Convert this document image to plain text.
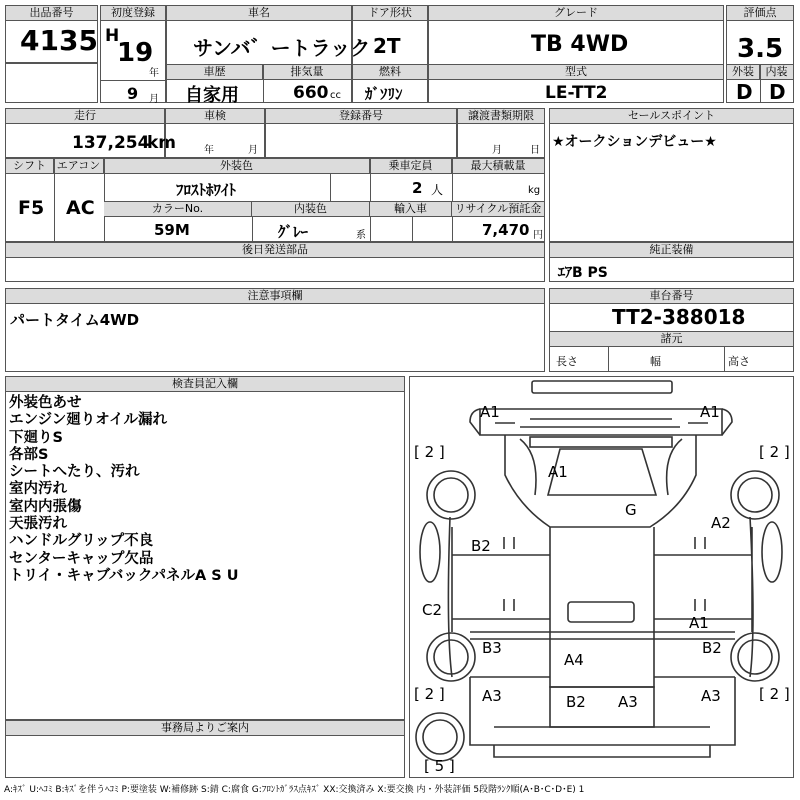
出品番号
4135
初度登録
H
19
年
9 月
車名
サンバ゛ートラック
車歴	排気量
自家用	660 cc
ドア形状
2T
燃料
ｶﾞｿﾘﾝ
グレード
TB 4WD
型式
LE-TT2
評価点
3.5
外装	内装
D D
走行
137,254
km
車検
年	月
登録番号	譲渡書類期限
月	日
セールスポイント
★オークションデビュー★
シフト エアコン	外装色	乗車定員	最大積載量
F5 AC
ﾌﾛｽﾄﾎﾜｲﾄ	2 人	kg
カラーNo.	内装色	輸入車	リサイクル預託金
59M	ｸﾞﾚｰ	系	7,470 円
後日発送部品	純正装備
ｴｱB PS
注意事項欄
パートタイム4WD
車台番号
TT2-388018
諸元
長さ	幅	高さ
検査員記入欄
外装色あせ
エンジン廻りオイル漏れ
下廻りS
各部S
シートへたり、汚れ
室内汚れ
室内内張傷
天張汚れ
ハンドルグリップ不良
センターキャップ欠品
トリイ・キャブバックパネルA S U
事務局よりご案内
A1	A1
A1
G
A2
B2
C2
A1
B3
A4
B2
A3	B2 A3	A3
[ 2 ]	[ 2 ]
[ 2 ]	[ 2 ]
[ 5 ]
A:ｷｽﾞ U:ﾍｺﾐ B:ｷｽﾞを伴うﾍｺﾐ P:要塗装 W:補修跡 S:錆 C:腐食 G:ﾌﾛﾝﾄｶﾞﾗｽ点ｷｽﾞ XX:交換済み X:要交換 内・外装評価 5段階ﾗﾝｸ順(A･B･C･D･E) 1
